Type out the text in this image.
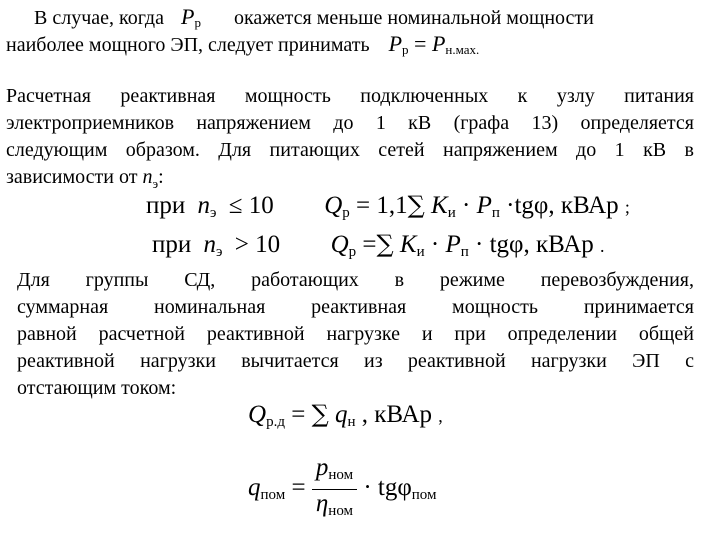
В случае, когда $P_р$ окажется меньше номинальной мощности
наиболее мощного ЭП, следует принимать $P_р = P_{н.мах.}$
Расчетная реактивная мощность подключенных к узлу питания
электроприемников напряжением до 1 кВ (графа 13) определяется
следующим образом. Для питающих сетей напряжением до 1 кВ в
зависимости от $n_э$:
при $n_э \le 10$ $Q_р = 1,1\sum$ $K_и \cdot P_п \cdot tg\varphi$, кВАр ;
при $n_э > 10$ $Q_р$ =∑ $K_и \cdot P_п \cdot tg\varphi$, кВАр .
Для группы СД, работающих в режиме перевозбуждения,
суммарная номинальная реактивная мощность принимается
равной расчетной реактивной нагрузке и при определении общей
реактивной нагрузки вычитается из реактивной нагрузки ЭП с
отстающим током:
$Q_{р.д}$ = ∑ $q_н$ , кВАр ,
$q_{пом} = \frac{p_{ном}}{\eta_{ном}} \cdot tg\varphi_{пом}$
